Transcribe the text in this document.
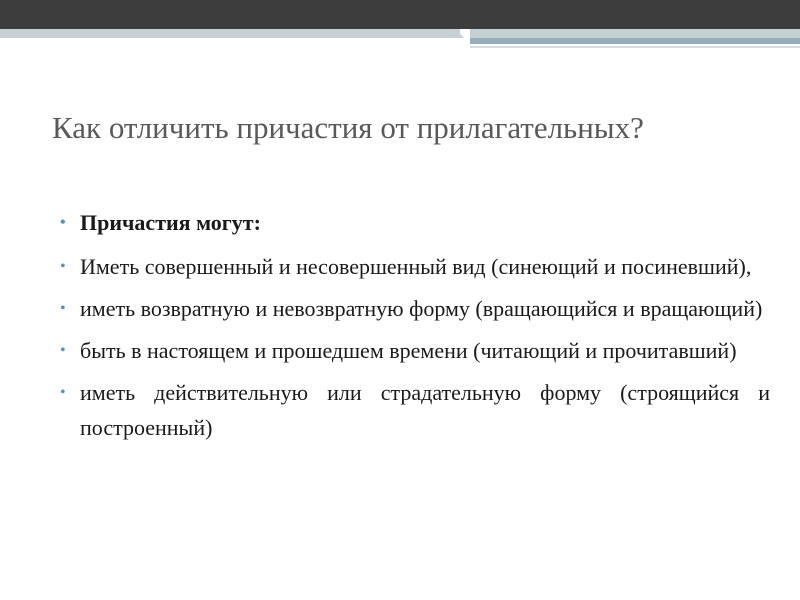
Как отличить причастия от прилагательных?
• Причастия могут:
• Иметь совершенный и несовершенный вид (синеющий и посиневший),
• иметь возвратную и невозвратную форму (вращающийся и вращающий)
• быть в настоящем и прошедшем времени (читающий и прочитавший)
• иметь действительную или страдательную форму (строящийся и построенный)
